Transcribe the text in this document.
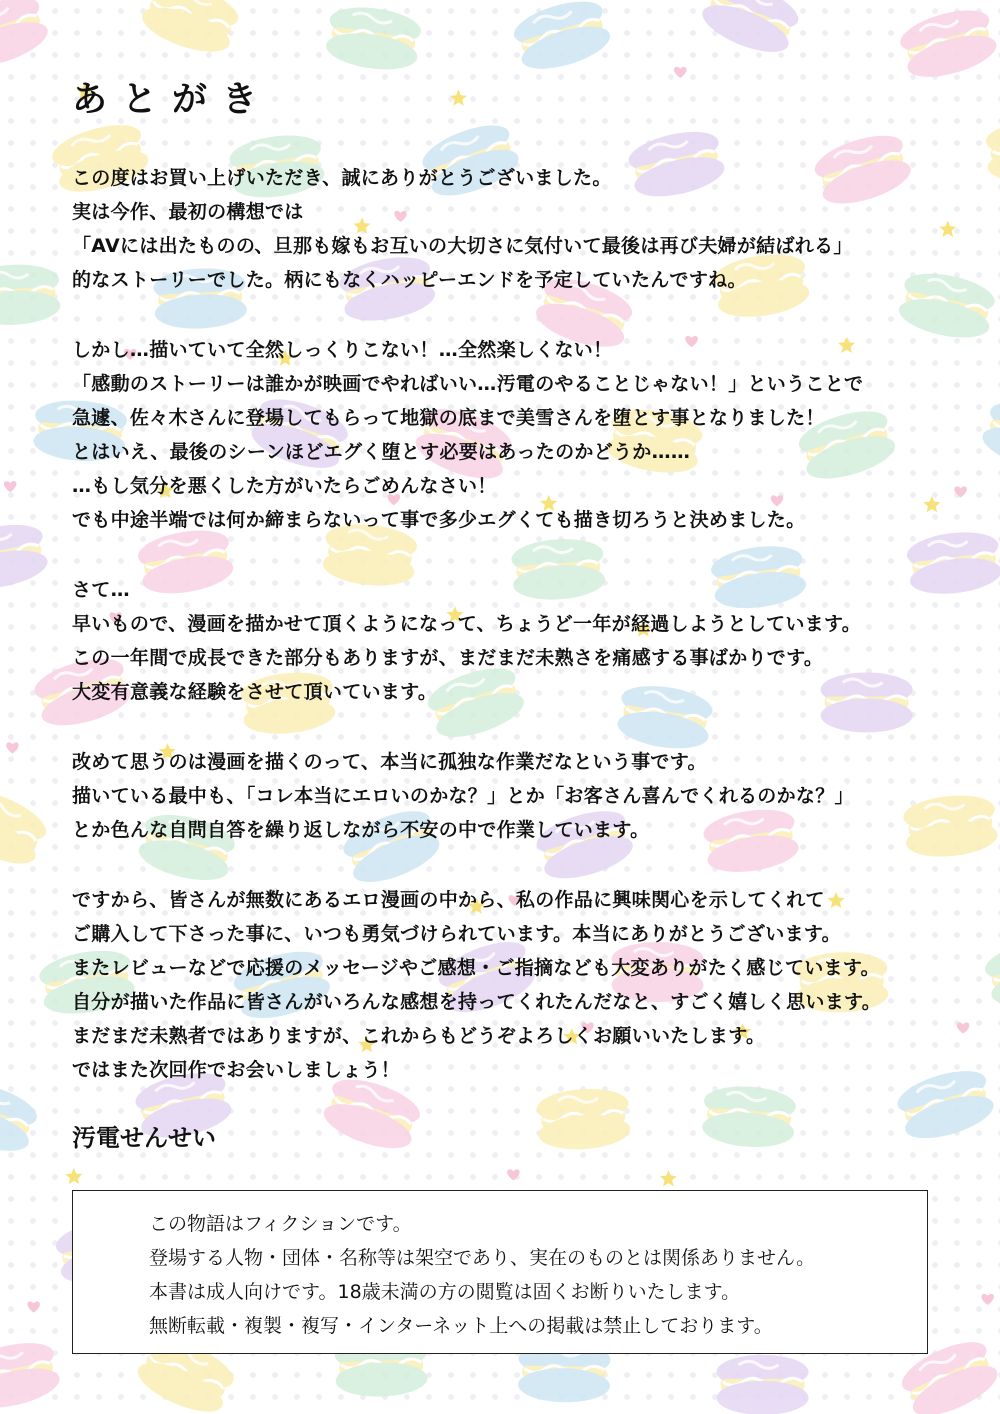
あとがき

この度はお買い上げいただき、誠にありがとうございました。

実は今作、最初の構想では

「AVには出たものの、旦那も嫁もお互いの大切さに気付いて最後は再び夫婦が結ばれる」

的なストーリーでした。柄にもなくハッピーエンドを予定していたんですね。

しかし…描いていて全然しっくりこない！…全然楽しくない！

「感動のストーリーは誰かが映画でやればいい…汚電のやることじゃない！」ということで

急遽、佐々木さんに登場してもらって地獄の底まで美雪さんを堕とす事となりました！

とはいえ、最後のシーンほどエグく堕とす必要はあったのかどうか……

…もし気分を悪くした方がいたらごめんなさい！

でも中途半端では何か締まらないって事で多少エグくても描き切ろうと決めました。

さて…

早いもので、漫画を描かせて頂くようになって、ちょうど一年が経過しようとしています。

この一年間で成長できた部分もありますが、まだまだ未熟さを痛感する事ばかりです。

大変有意義な経験をさせて頂いています。

改めて思うのは漫画を描くのって、本当に孤独な作業だなという事です。

描いている最中も、「コレ本当にエロいのかな？」とか「お客さん喜んでくれるのかな？」

とか色んな自問自答を繰り返しながら不安の中で作業しています。

ですから、皆さんが無数にあるエロ漫画の中から、私の作品に興味関心を示してくれて

ご購入して下さった事に、いつも勇気づけられています。本当にありがとうございます。

またレビューなどで応援のメッセージやご感想・ご指摘なども大変ありがたく感じています。

自分が描いた作品に皆さんがいろんな感想を持ってくれたんだなと、すごく嬉しく思います。

まだまだ未熟者ではありますが、これからもどうぞよろしくお願いいたします。

ではまた次回作でお会いしましょう！

汚電せんせい

この物語はフィクションです。

登場する人物・団体・名称等は架空であり、実在のものとは関係ありません。

本書は成人向けです。18歳未満の方の閲覧は固くお断りいたします。

無断転載・複製・複写・インターネット上への掲載は禁止しております。
